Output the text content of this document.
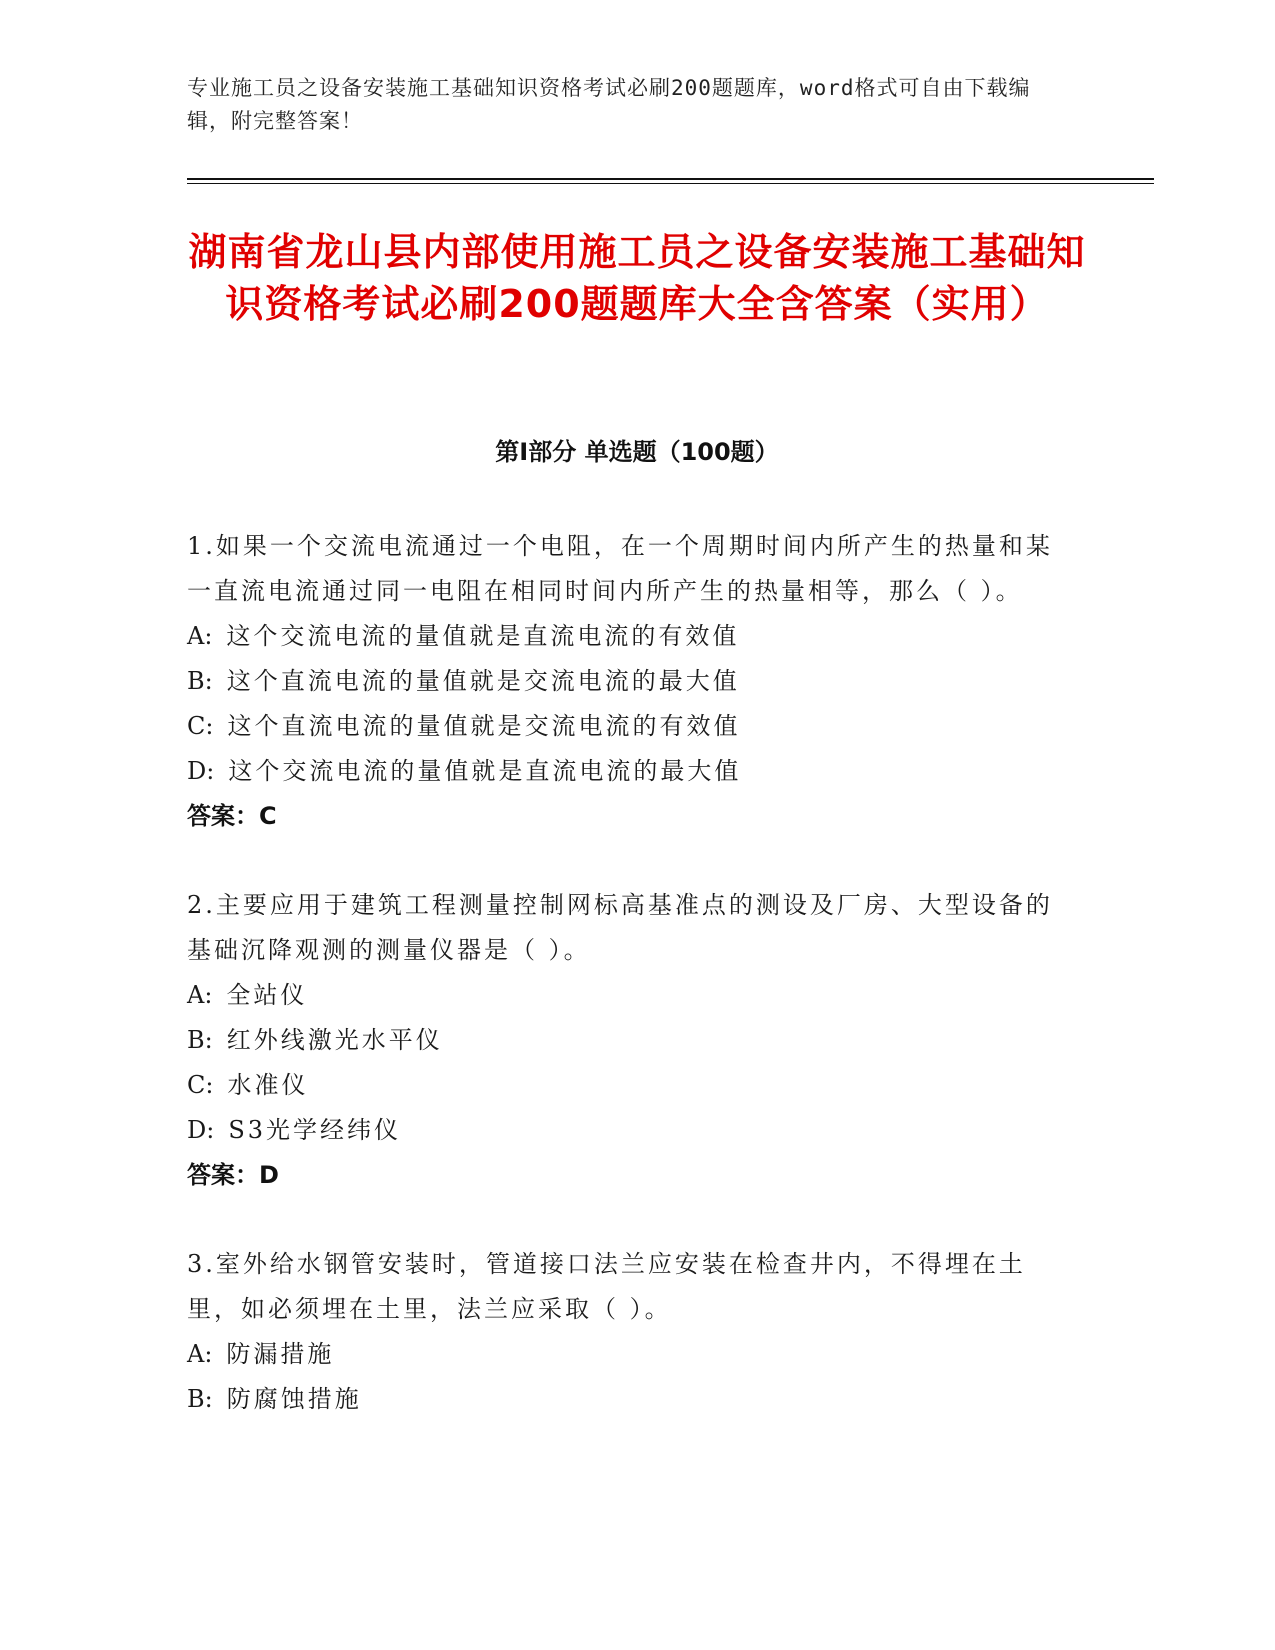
专业施工员之设备安装施工基础知识资格考试必刷200题题库，word格式可自由下载编辑，附完整答案！
湖南省龙山县内部使用施工员之设备安装施工基础知识资格考试必刷200题题库大全含答案（实用）
第Ⅰ部分 单选题（100题）

1.如果一个交流电流通过一个电阻，在一个周期时间内所产生的热量和某一直流电流通过同一电阻在相同时间内所产生的热量相等，那么（ ）。

A: 这个交流电流的量值就是直流电流的有效值

B: 这个直流电流的量值就是交流电流的最大值

C: 这个直流电流的量值就是交流电流的有效值

D: 这个交流电流的量值就是直流电流的最大值

答案：C

2.主要应用于建筑工程测量控制网标高基准点的测设及厂房、大型设备的基础沉降观测的测量仪器是（ ）。

A: 全站仪

B: 红外线激光水平仪

C: 水准仪

D: S3光学经纬仪

答案：D

3.室外给水钢管安装时，管道接口法兰应安装在检查井内，不得埋在土里，如必须埋在土里，法兰应采取（ ）。

A: 防漏措施

B: 防腐蚀措施
